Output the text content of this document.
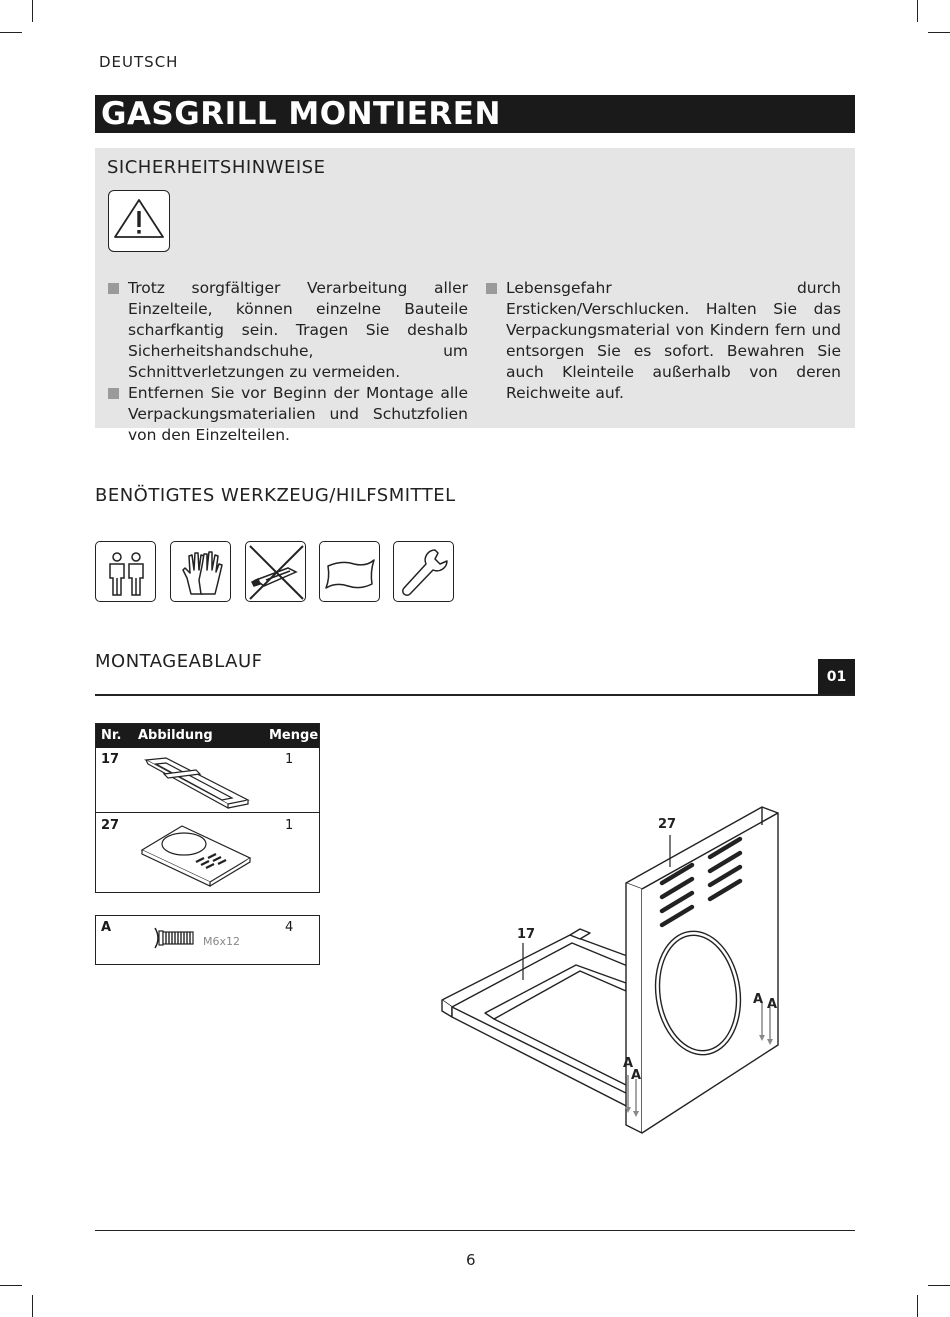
DEUTSCH
GASGRILL MONTIEREN
SICHERHEITSHINWEISE
Trotz sorgfältiger Verarbeitung aller Einzelteile, können einzelne Bauteile scharfkantig sein. Tragen Sie deshalb Sicherheitshandschuhe, um Schnittverletzungen zu vermeiden.
Entfernen Sie vor Beginn der Montage alle Verpackungsmaterialien und Schutzfolien von den Einzelteilen.
Lebensgefahr durch Ersticken/Verschlucken. Halten Sie das Verpackungsmaterial von Kindern fern und entsorgen Sie es sofort. Bewahren Sie auch Kleinteile außerhalb von deren Reichweite auf.
BENÖTIGTES WERKZEUG/HILFSMITTEL
MONTAGEABLAUF
01
Nr. Abbildung	Menge
17	1
27	1
A	4
M6x12
27
17
A
A
A A
6
